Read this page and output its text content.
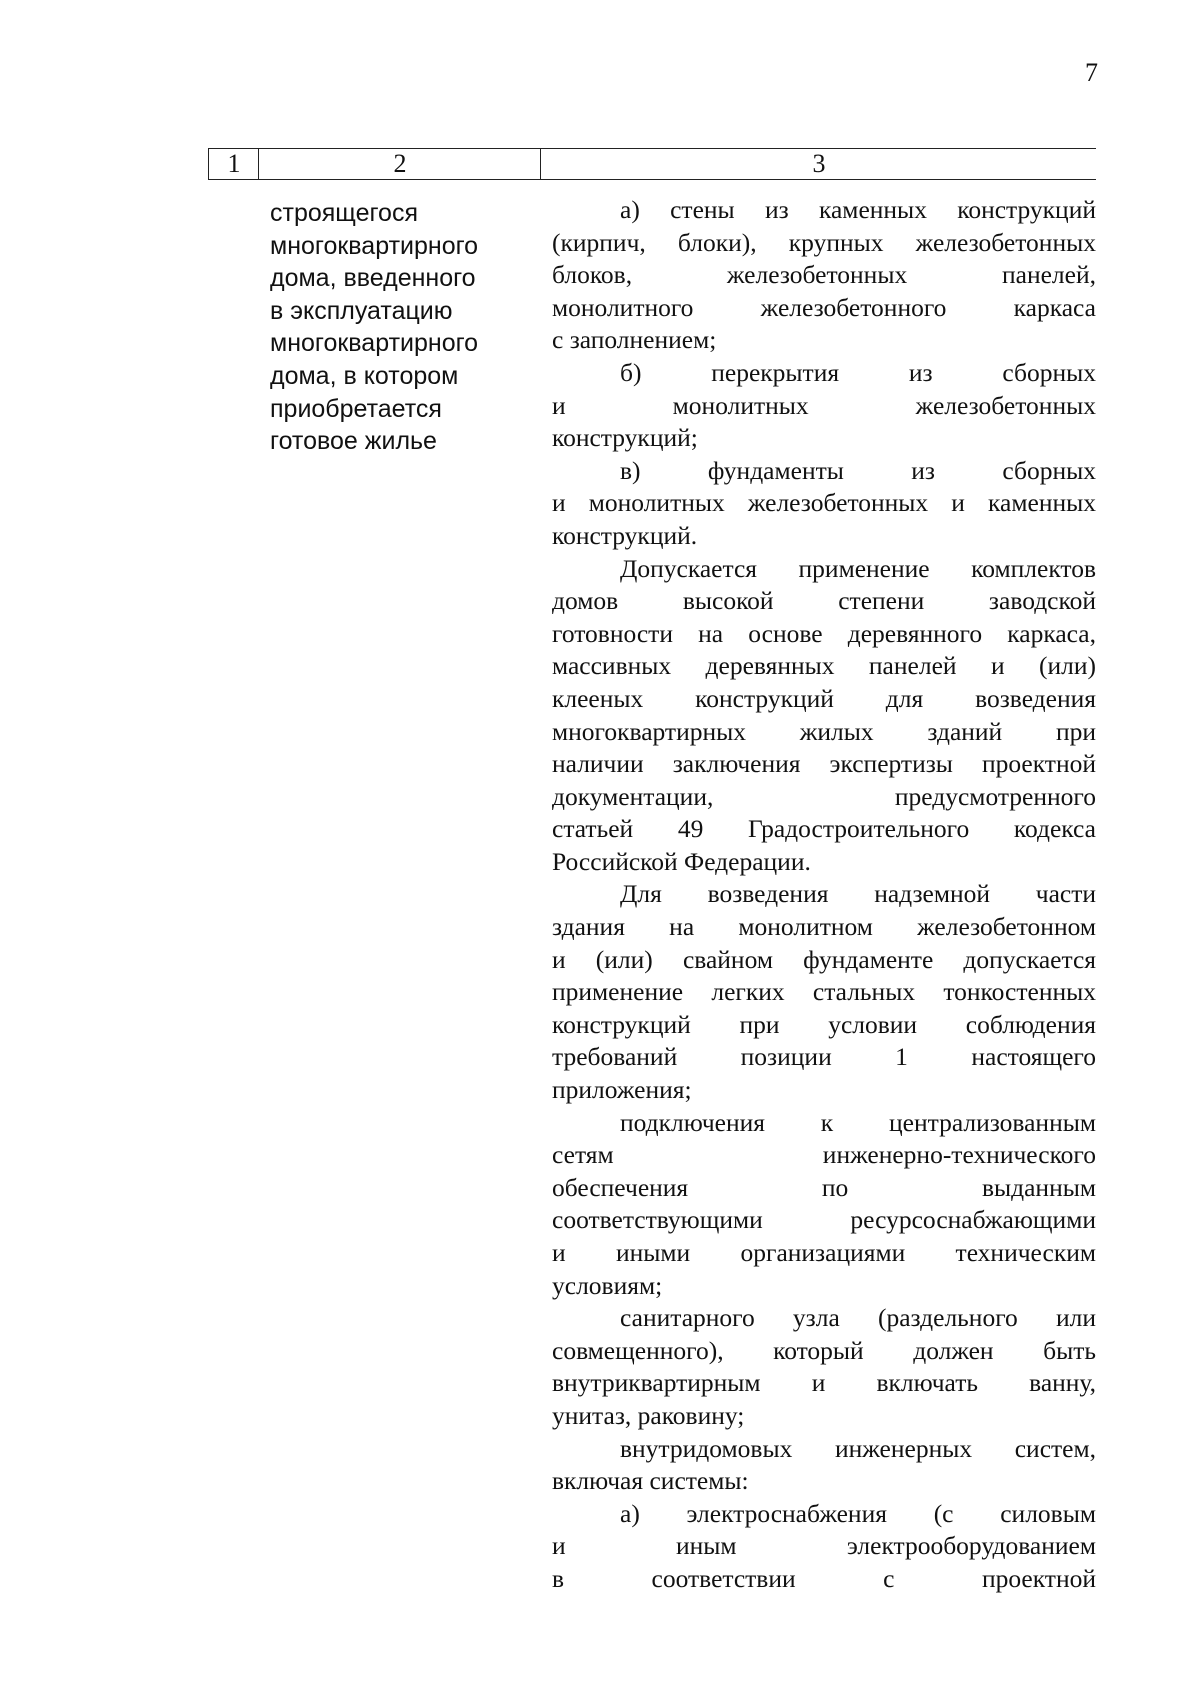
7
1	2	3
строящегося
многоквартирного
дома, введенного
в эксплуатацию
многоквартирного
дома, в котором
приобретается
готовое жилье
а) стены из каменных конструкций
(кирпич, блоки), крупных железобетонных
блоков, железобетонных панелей,
монолитного железобетонного каркаса
с заполнением;
б) перекрытия из сборных
и монолитных железобетонных
конструкций;
в) фундаменты из сборных
и монолитных железобетонных и каменных
конструкций.
Допускается применение комплектов
домов высокой степени заводской
готовности на основе деревянного каркаса,
массивных деревянных панелей и (или)
клееных конструкций для возведения
многоквартирных жилых зданий при
наличии заключения экспертизы проектной
документации, предусмотренного
статьей 49 Градостроительного кодекса
Российской Федерации.
Для возведения надземной части
здания на монолитном железобетонном
и (или) свайном фундаменте допускается
применение легких стальных тонкостенных
конструкций при условии соблюдения
требований позиции 1 настоящего
приложения;
подключения к централизованным
сетям инженерно-технического
обеспечения по выданным
соответствующими ресурсоснабжающими
и иными организациями техническим
условиям;
санитарного узла (раздельного или
совмещенного), который должен быть
внутриквартирным и включать ванну,
унитаз, раковину;
внутридомовых инженерных систем,
включая системы:
а) электроснабжения (с силовым
и иным электрооборудованием
в соответствии с проектной
